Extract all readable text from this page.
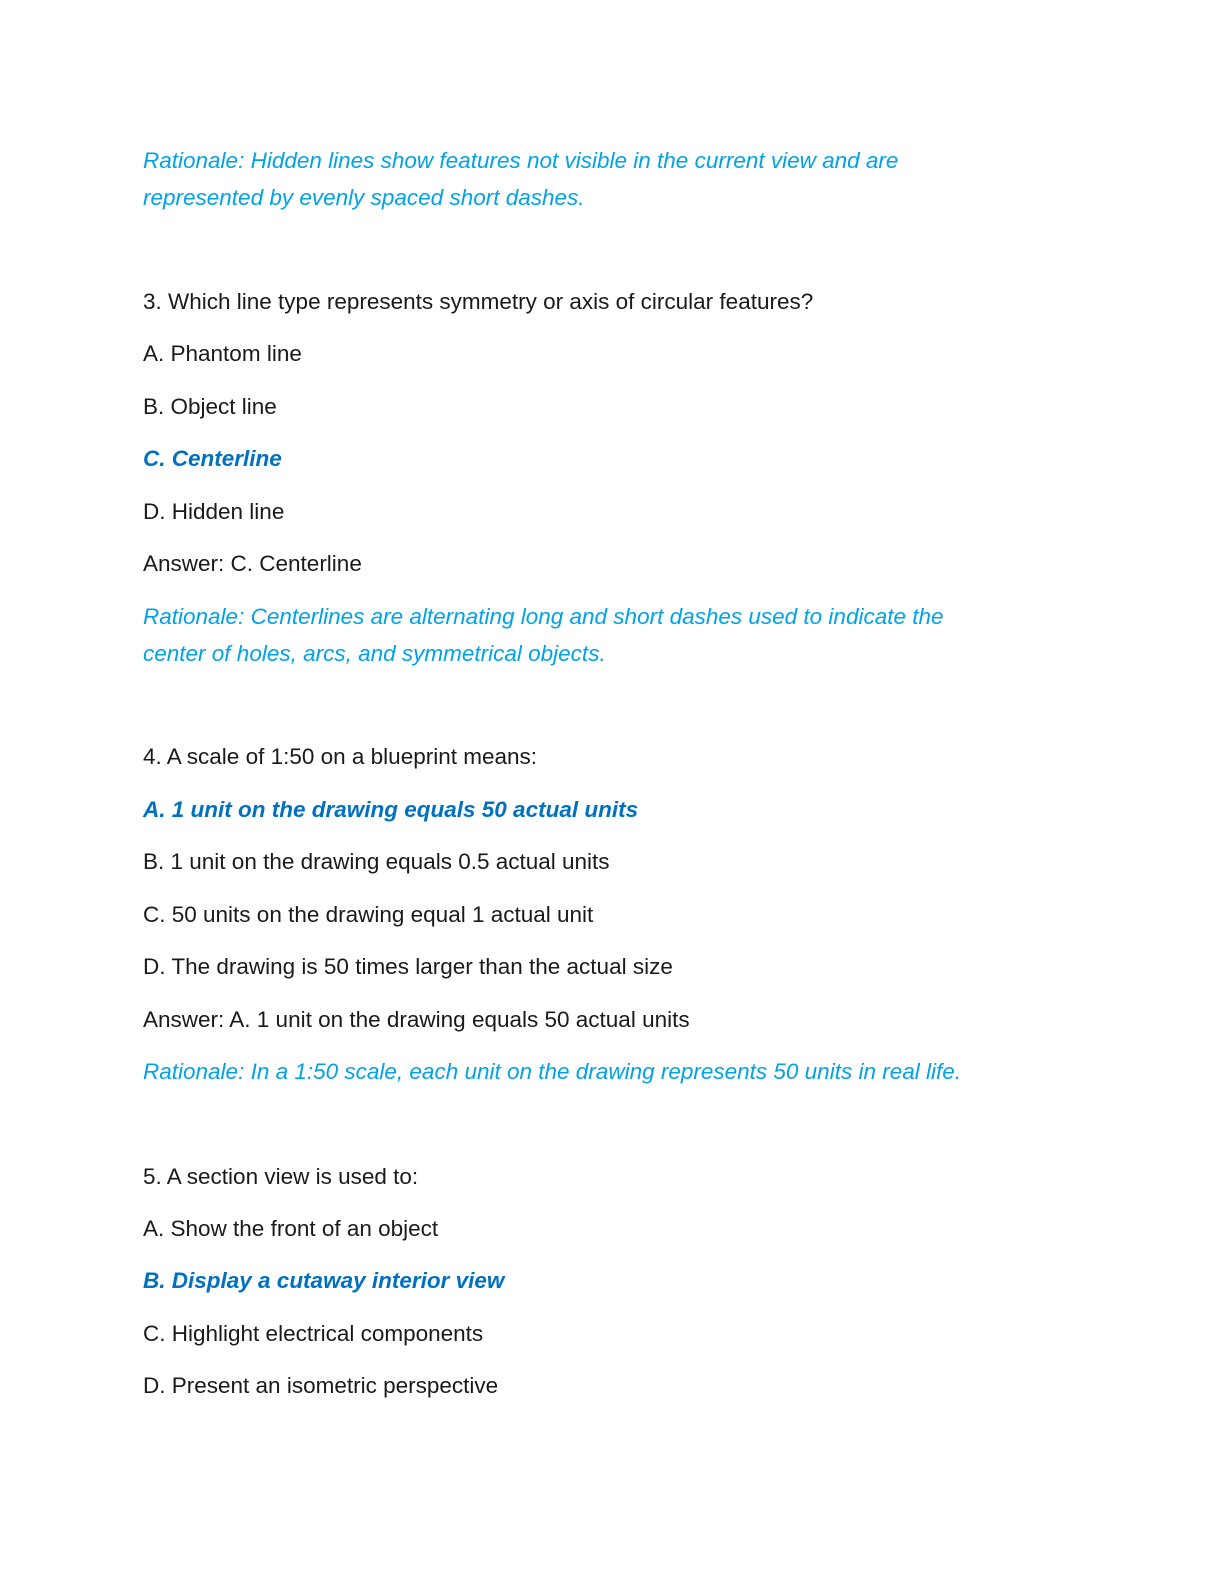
Rationale: Hidden lines show features not visible in the current view and are
represented by evenly spaced short dashes.
3. Which line type represents symmetry or axis of circular features?
A. Phantom line
B. Object line
C. Centerline
D. Hidden line
Answer: C. Centerline
Rationale: Centerlines are alternating long and short dashes used to indicate the
center of holes, arcs, and symmetrical objects.
4. A scale of 1:50 on a blueprint means:
A. 1 unit on the drawing equals 50 actual units
B. 1 unit on the drawing equals 0.5 actual units
C. 50 units on the drawing equal 1 actual unit
D. The drawing is 50 times larger than the actual size
Answer: A. 1 unit on the drawing equals 50 actual units
Rationale: In a 1:50 scale, each unit on the drawing represents 50 units in real life.
5. A section view is used to:
A. Show the front of an object
B. Display a cutaway interior view
C. Highlight electrical components
D. Present an isometric perspective
